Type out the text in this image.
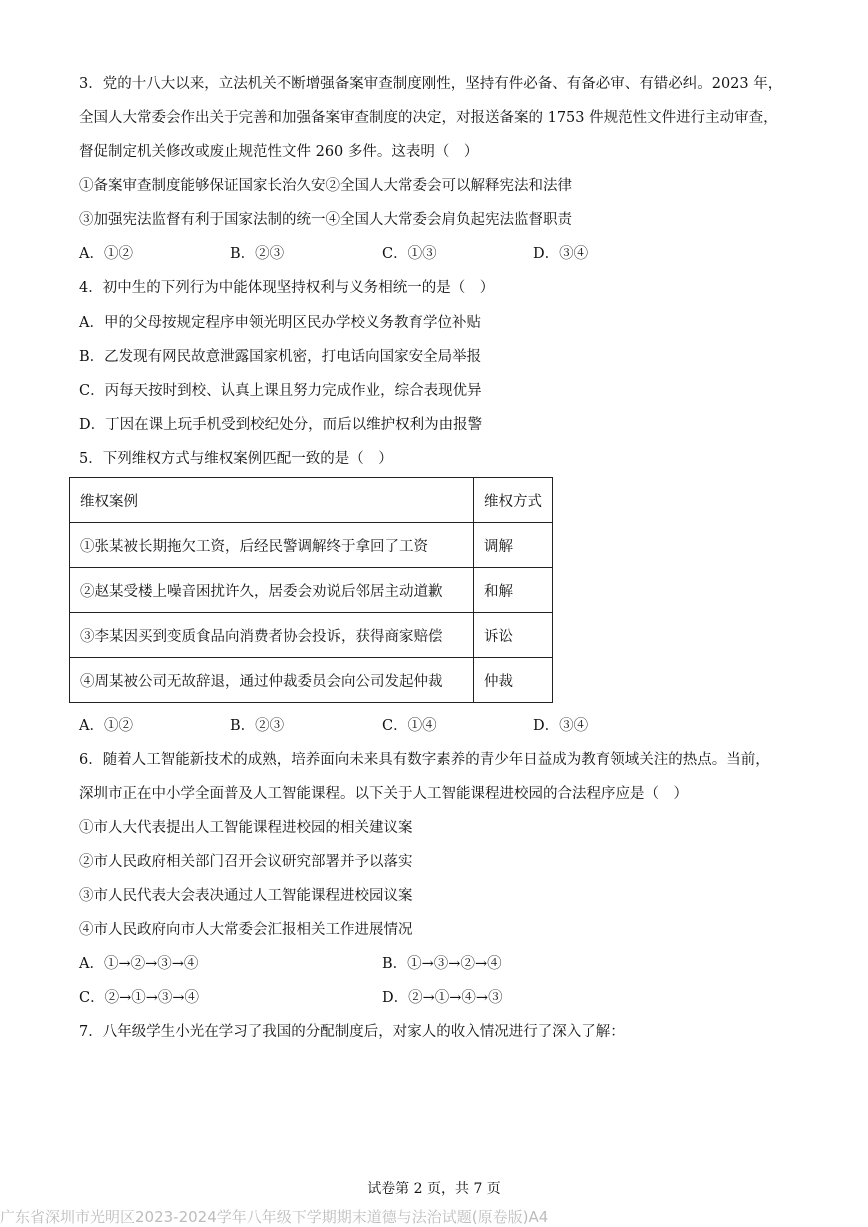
3．党的十八大以来，立法机关不断增强备案审查制度刚性，坚持有件必备、有备必审、有错必纠。2023 年，
全国人大常委会作出关于完善和加强备案审查制度的决定，对报送备案的 1753 件规范性文件进行主动审查，
督促制定机关修改或废止规范性文件 260 多件。这表明（　）
①备案审查制度能够保证国家长治久安②全国人大常委会可以解释宪法和法律
③加强宪法监督有利于国家法制的统一④全国人大常委会肩负起宪法监督职责
A．①②	B．②③	C．①③	D．③④
4．初中生的下列行为中能体现坚持权利与义务相统一的是（　）
A．甲的父母按规定程序申领光明区民办学校义务教育学位补贴
B．乙发现有网民故意泄露国家机密，打电话向国家安全局举报
C．丙每天按时到校、认真上课且努力完成作业，综合表现优异
D．丁因在课上玩手机受到校纪处分，而后以维护权利为由报警
5．下列维权方式与维权案例匹配一致的是（　）
维权案例	维权方式
①张某被长期拖欠工资，后经民警调解终于拿回了工资	调解
②赵某受楼上噪音困扰许久，居委会劝说后邻居主动道歉	和解
③李某因买到变质食品向消费者协会投诉，获得商家赔偿	诉讼
④周某被公司无故辞退，通过仲裁委员会向公司发起仲裁	仲裁
A．①②	B．②③	C．①④	D．③④
6．随着人工智能新技术的成熟，培养面向未来具有数字素养的青少年日益成为教育领域关注的热点。当前，
深圳市正在中小学全面普及人工智能课程。以下关于人工智能课程进校园的合法程序应是（　）
①市人大代表提出人工智能课程进校园的相关建议案
②市人民政府相关部门召开会议研究部署并予以落实
③市人民代表大会表决通过人工智能课程进校园议案
④市人民政府向市人大常委会汇报相关工作进展情况
A．①→②→③→④	B．①→③→②→④
C．②→①→③→④	D．②→①→④→③
7．八年级学生小光在学习了我国的分配制度后，对家人的收入情况进行了深入了解：
试卷第 2 页，共 7 页
广东省深圳市光明区2023-2024学年八年级下学期期末道德与法治试题(原卷版)A4
